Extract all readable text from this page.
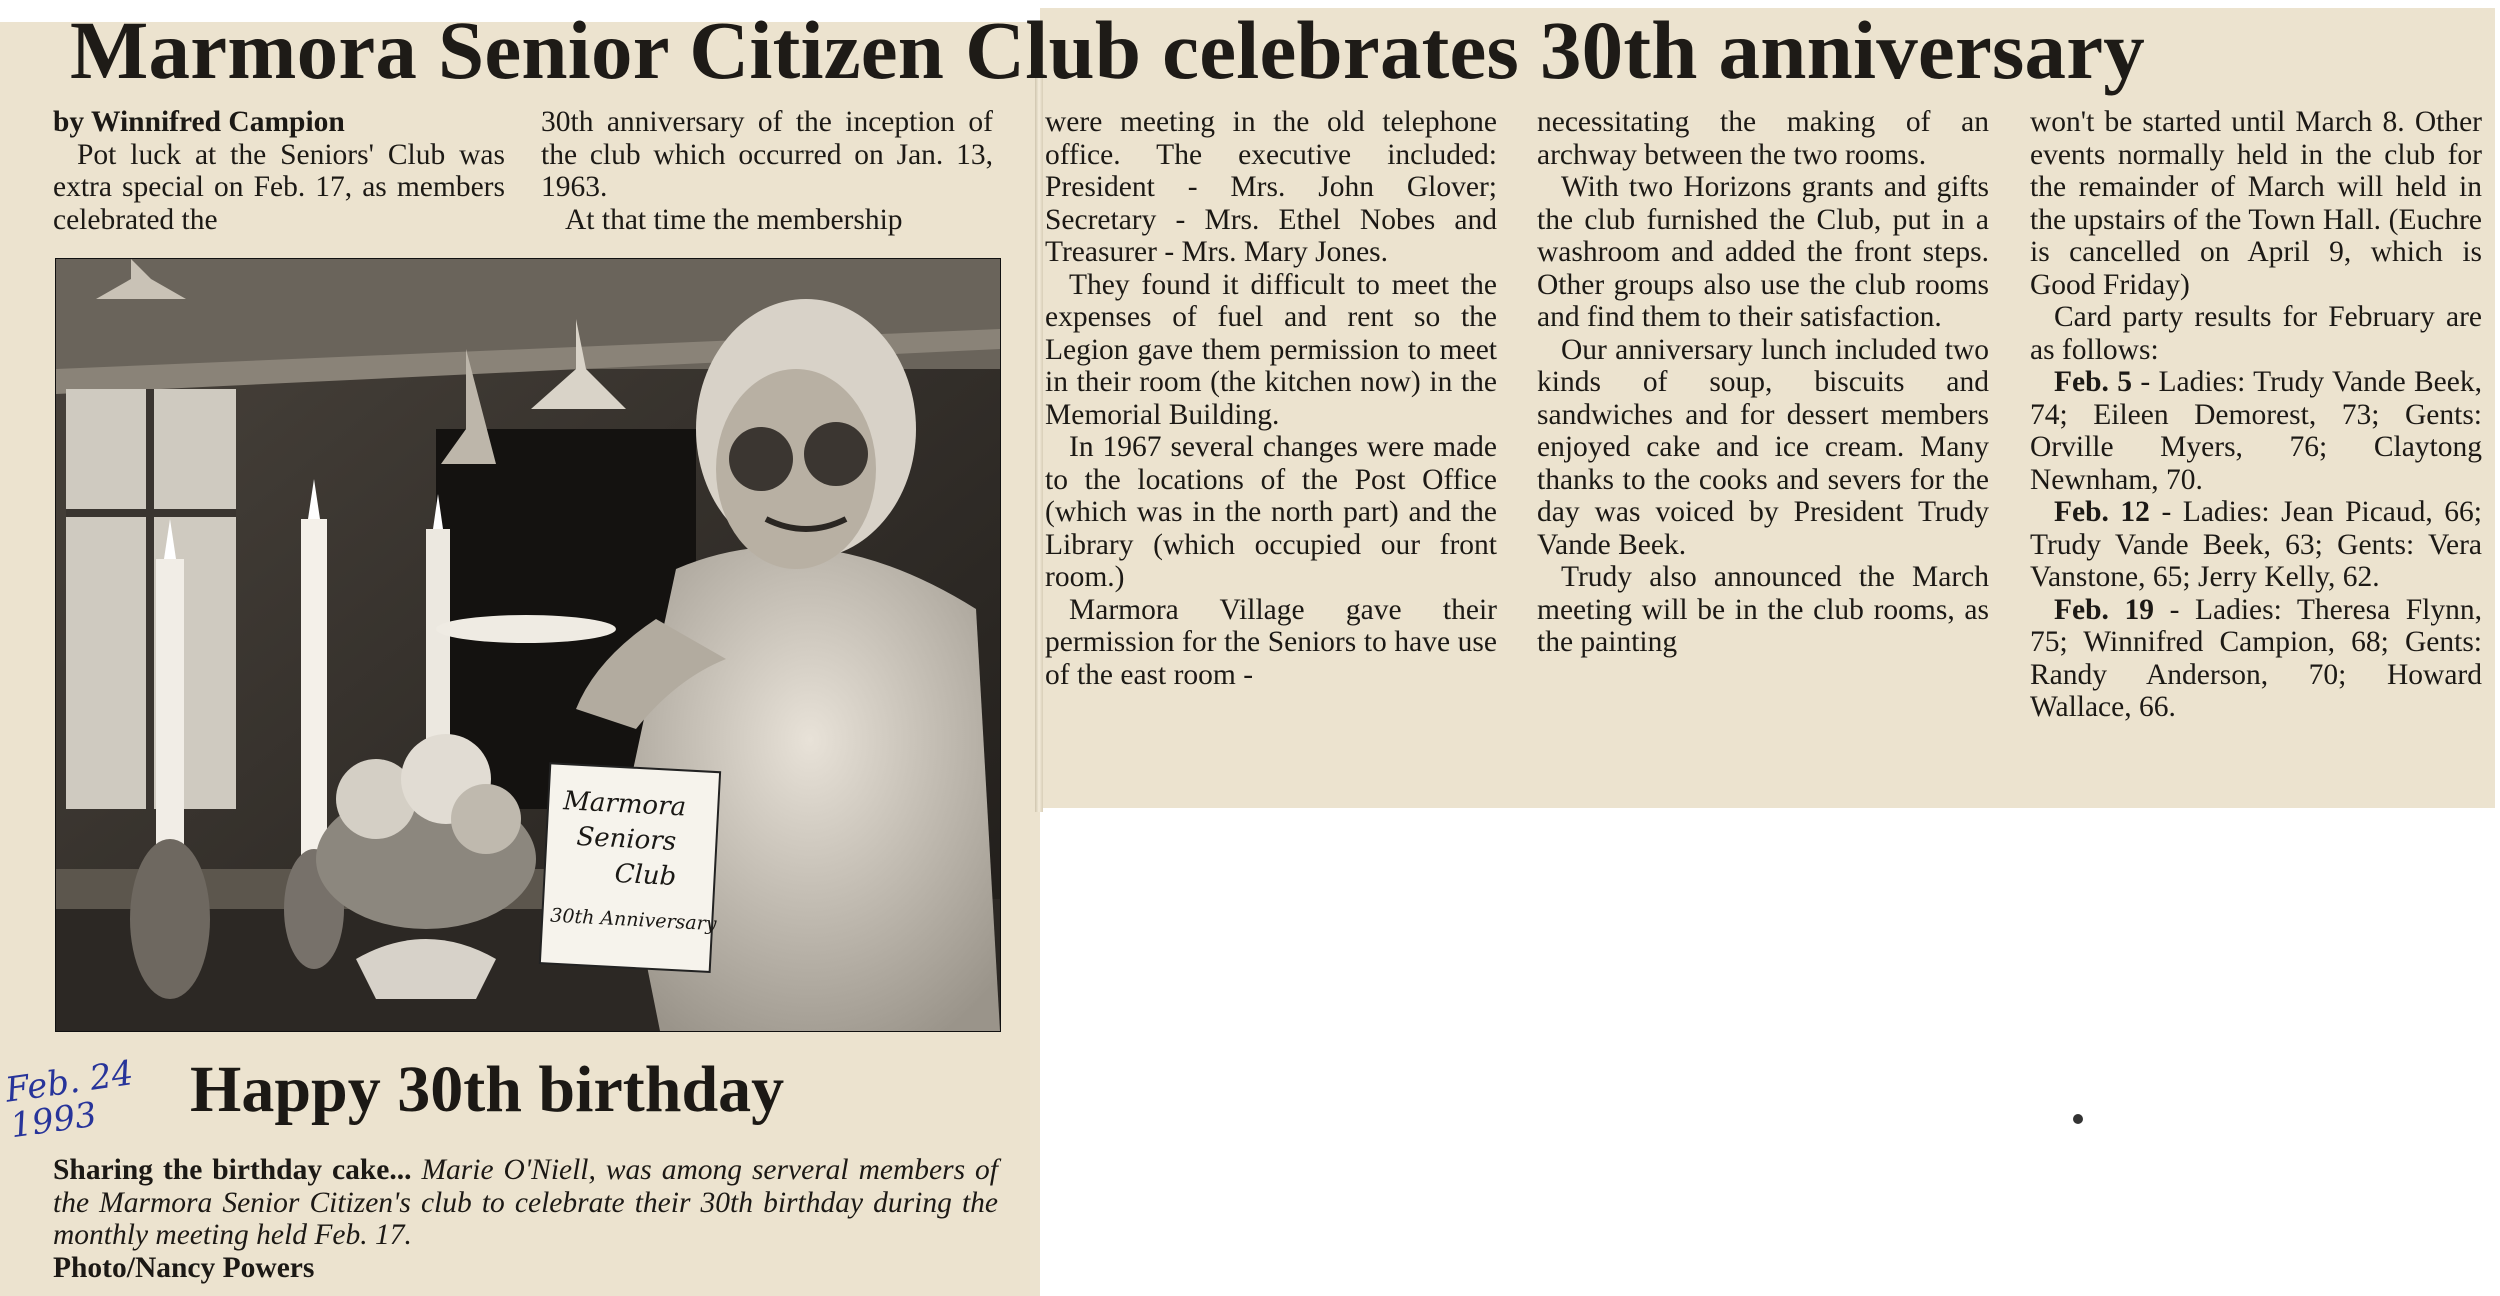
Marmora Senior Citizen Club celebrates 30th anniversary

by Winnifred Campion

Pot luck at the Seniors' Club was extra special on Feb. 17, as members celebrated the

30th anniversary of the inception of the club which occurred on Jan. 13, 1963.

At that time the membership

Marmora
Seniors
Club
30th Anniversary
Feb. 24 1993	Happy 30th birthday
Sharing the birthday cake... Marie O'Niell, was among serveral members of the Marmora Senior Citizen's club to celebrate their 30th birthday during the monthly meeting held Feb. 17.
Photo/Nancy Powers

were meeting in the old telephone office. The executive included: President - Mrs. John Glover; Secretary - Mrs. Ethel Nobes and Treasurer - Mrs. Mary Jones.

They found it difficult to meet the expenses of fuel and rent so the Legion gave them permission to meet in their room (the kitchen now) in the Memorial Building.

In 1967 several changes were made to the locations of the Post Office (which was in the north part) and the Library (which occupied our front room.)

Marmora Village gave their permission for the Seniors to have use of the east room -

necessitating the making of an archway between the two rooms.

With two Horizons grants and gifts the club furnished the Club, put in a washroom and added the front steps. Other groups also use the club rooms and find them to their satisfaction.

Our anniversary lunch included two kinds of soup, biscuits and sandwiches and for dessert members enjoyed cake and ice cream. Many thanks to the cooks and severs for the day was voiced by President Trudy Vande Beek.

Trudy also announced the March meeting will be in the club rooms, as the painting

won't be started until March 8. Other events normally held in the club for the remainder of March will held in the upstairs of the Town Hall. (Euchre is cancelled on April 9, which is Good Friday)

Card party results for February are as follows:

Feb. 5 - Ladies: Trudy Vande Beek, 74; Eileen Demorest, 73; Gents: Orville Myers, 76; Claytong Newnham, 70.

Feb. 12 - Ladies: Jean Picaud, 66; Trudy Vande Beek, 63; Gents: Vera Vanstone, 65; Jerry Kelly, 62.

Feb. 19 - Ladies: Theresa Flynn, 75; Winnifred Campion, 68; Gents: Randy Anderson, 70; Howard Wallace, 66.
